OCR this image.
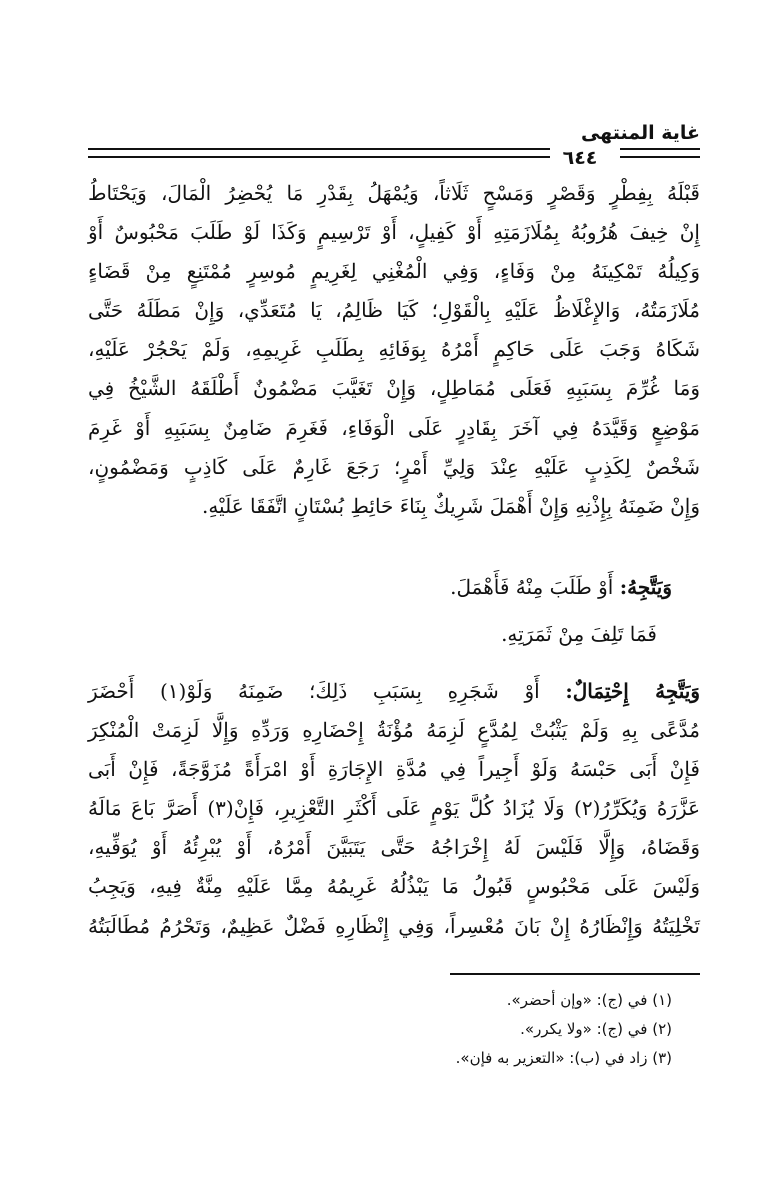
غاية المنتهى
٦٤٤
قَبْلَهُ بِفِطْرٍ وَقَصْرٍ وَمَسْحٍ ثَلَاثاً، وَيُمْهَلُ بِقَدْرِ مَا يُحْضِرُ الْمَالَ، وَيَحْتَاطُ
إِنْ خِيفَ هُرُوبُهُ بِمُلَازَمَتِهِ أَوْ كَفِيلٍ، أَوْ تَرْسِيمٍ وَكَذَا لَوْ طَلَبَ مَحْبُوسٌ أَوْ
وَكِيلُهُ تَمْكِينَهُ مِنْ وَفَاءٍ، وَفِي الْمُغْنِي لِغَرِيمٍ مُوسِرٍ مُمْتَنِعٍ مِنْ قَضَاءٍ
مُلَازَمَتُهُ، وَالإِغْلَاظُ عَلَيْهِ بِالْقَوْلِ؛ كَيَا ظَالِمُ، يَا مُتَعَدِّي، وَإِنْ مَطَلَهُ حَتَّى
شَكَاهُ وَجَبَ عَلَى حَاكِمٍ أَمْرُهُ بِوَفَائِهِ بِطَلَبِ غَرِيمِهِ، وَلَمْ يَحْجُرْ عَلَيْهِ،
وَمَا غُرِّمَ بِسَبَبِهِ فَعَلَى مُمَاطِلٍ، وَإِنْ تَغَيَّبَ مَضْمُونٌ أَطْلَقَهُ الشَّيْخُ فِي
مَوْضِعٍ وَقَيَّدَهُ فِي آخَرَ بِقَادِرٍ عَلَى الْوَفَاءِ، فَغَرِمَ ضَامِنٌ بِسَبَبِهِ أَوْ غَرِمَ
شَخْصٌ لِكَذِبٍ عَلَيْهِ عِنْدَ وَلِيِّ أَمْرٍ؛ رَجَعَ غَارِمٌ عَلَى كَاذِبٍ وَمَضْمُونٍ،
وَإِنْ ضَمِنَهُ بِإِذْنِهِ وَإِنْ أَهْمَلَ شَرِيكٌ بِنَاءَ حَائِطِ بُسْتَانٍ اتَّفَقَا عَلَيْهِ.
وَيَتَّجِهُ: أَوْ طَلَبَ مِنْهُ فَأَهْمَلَ.
فَمَا تَلِفَ مِنْ ثَمَرَتِهِ.
وَيَتَّجِهُ إِحْتِمَالٌ: أَوْ شَجَرِهِ بِسَبَبِ ذَلِكَ؛ ضَمِنَهُ وَلَوْ(١) أَحْضَرَ
مُدَّعًى بِهِ وَلَمْ يَثْبُتْ لِمُدَّعٍ لَزِمَهُ مُؤْنَةُ إِحْضَارِهِ وَرَدِّهِ وَإِلَّا لَزِمَتْ الْمُنْكِرَ
فَإِنْ أَبَى حَبْسَهُ وَلَوْ أَجِيراً فِي مُدَّةِ الإِجَارَةِ أَوْ امْرَأَةً مُزَوَّجَةً، فَإِنْ أَبَى
عَزَّرَهُ وَيُكَرِّرُ(٢) وَلَا يُزَادُ كُلَّ يَوْمٍ عَلَى أَكْثَرِ التَّعْزِيرِ، فَإِنْ(٣) أَصَرَّ بَاعَ مَالَهُ
وَقَضَاهُ، وَإِلَّا فَلَيْسَ لَهُ إِخْرَاجُهُ حَتَّى يَتَبَيَّنَ أَمْرُهُ، أَوْ يُبْرِئُهُ أَوْ يُوَفِّيهِ،
وَلَيْسَ عَلَى مَحْبُوسٍ قَبُولُ مَا يَبْذُلُهُ غَرِيمُهُ مِمَّا عَلَيْهِ مِنَّةٌ فِيهِ، وَيَجِبُ
تَخْلِيَتُهُ وَإِنْظَارُهُ إِنْ بَانَ مُعْسِراً، وَفِي إِنْظَارِهِ فَضْلٌ عَظِيمٌ، وَتَحْرُمُ مُطَالَبَتُهُ
(١) في (ج): «وإن أحضر».
(٢) في (ج): «ولا يكرر».
(٣) زاد في (ب): «التعزير به فإن».
